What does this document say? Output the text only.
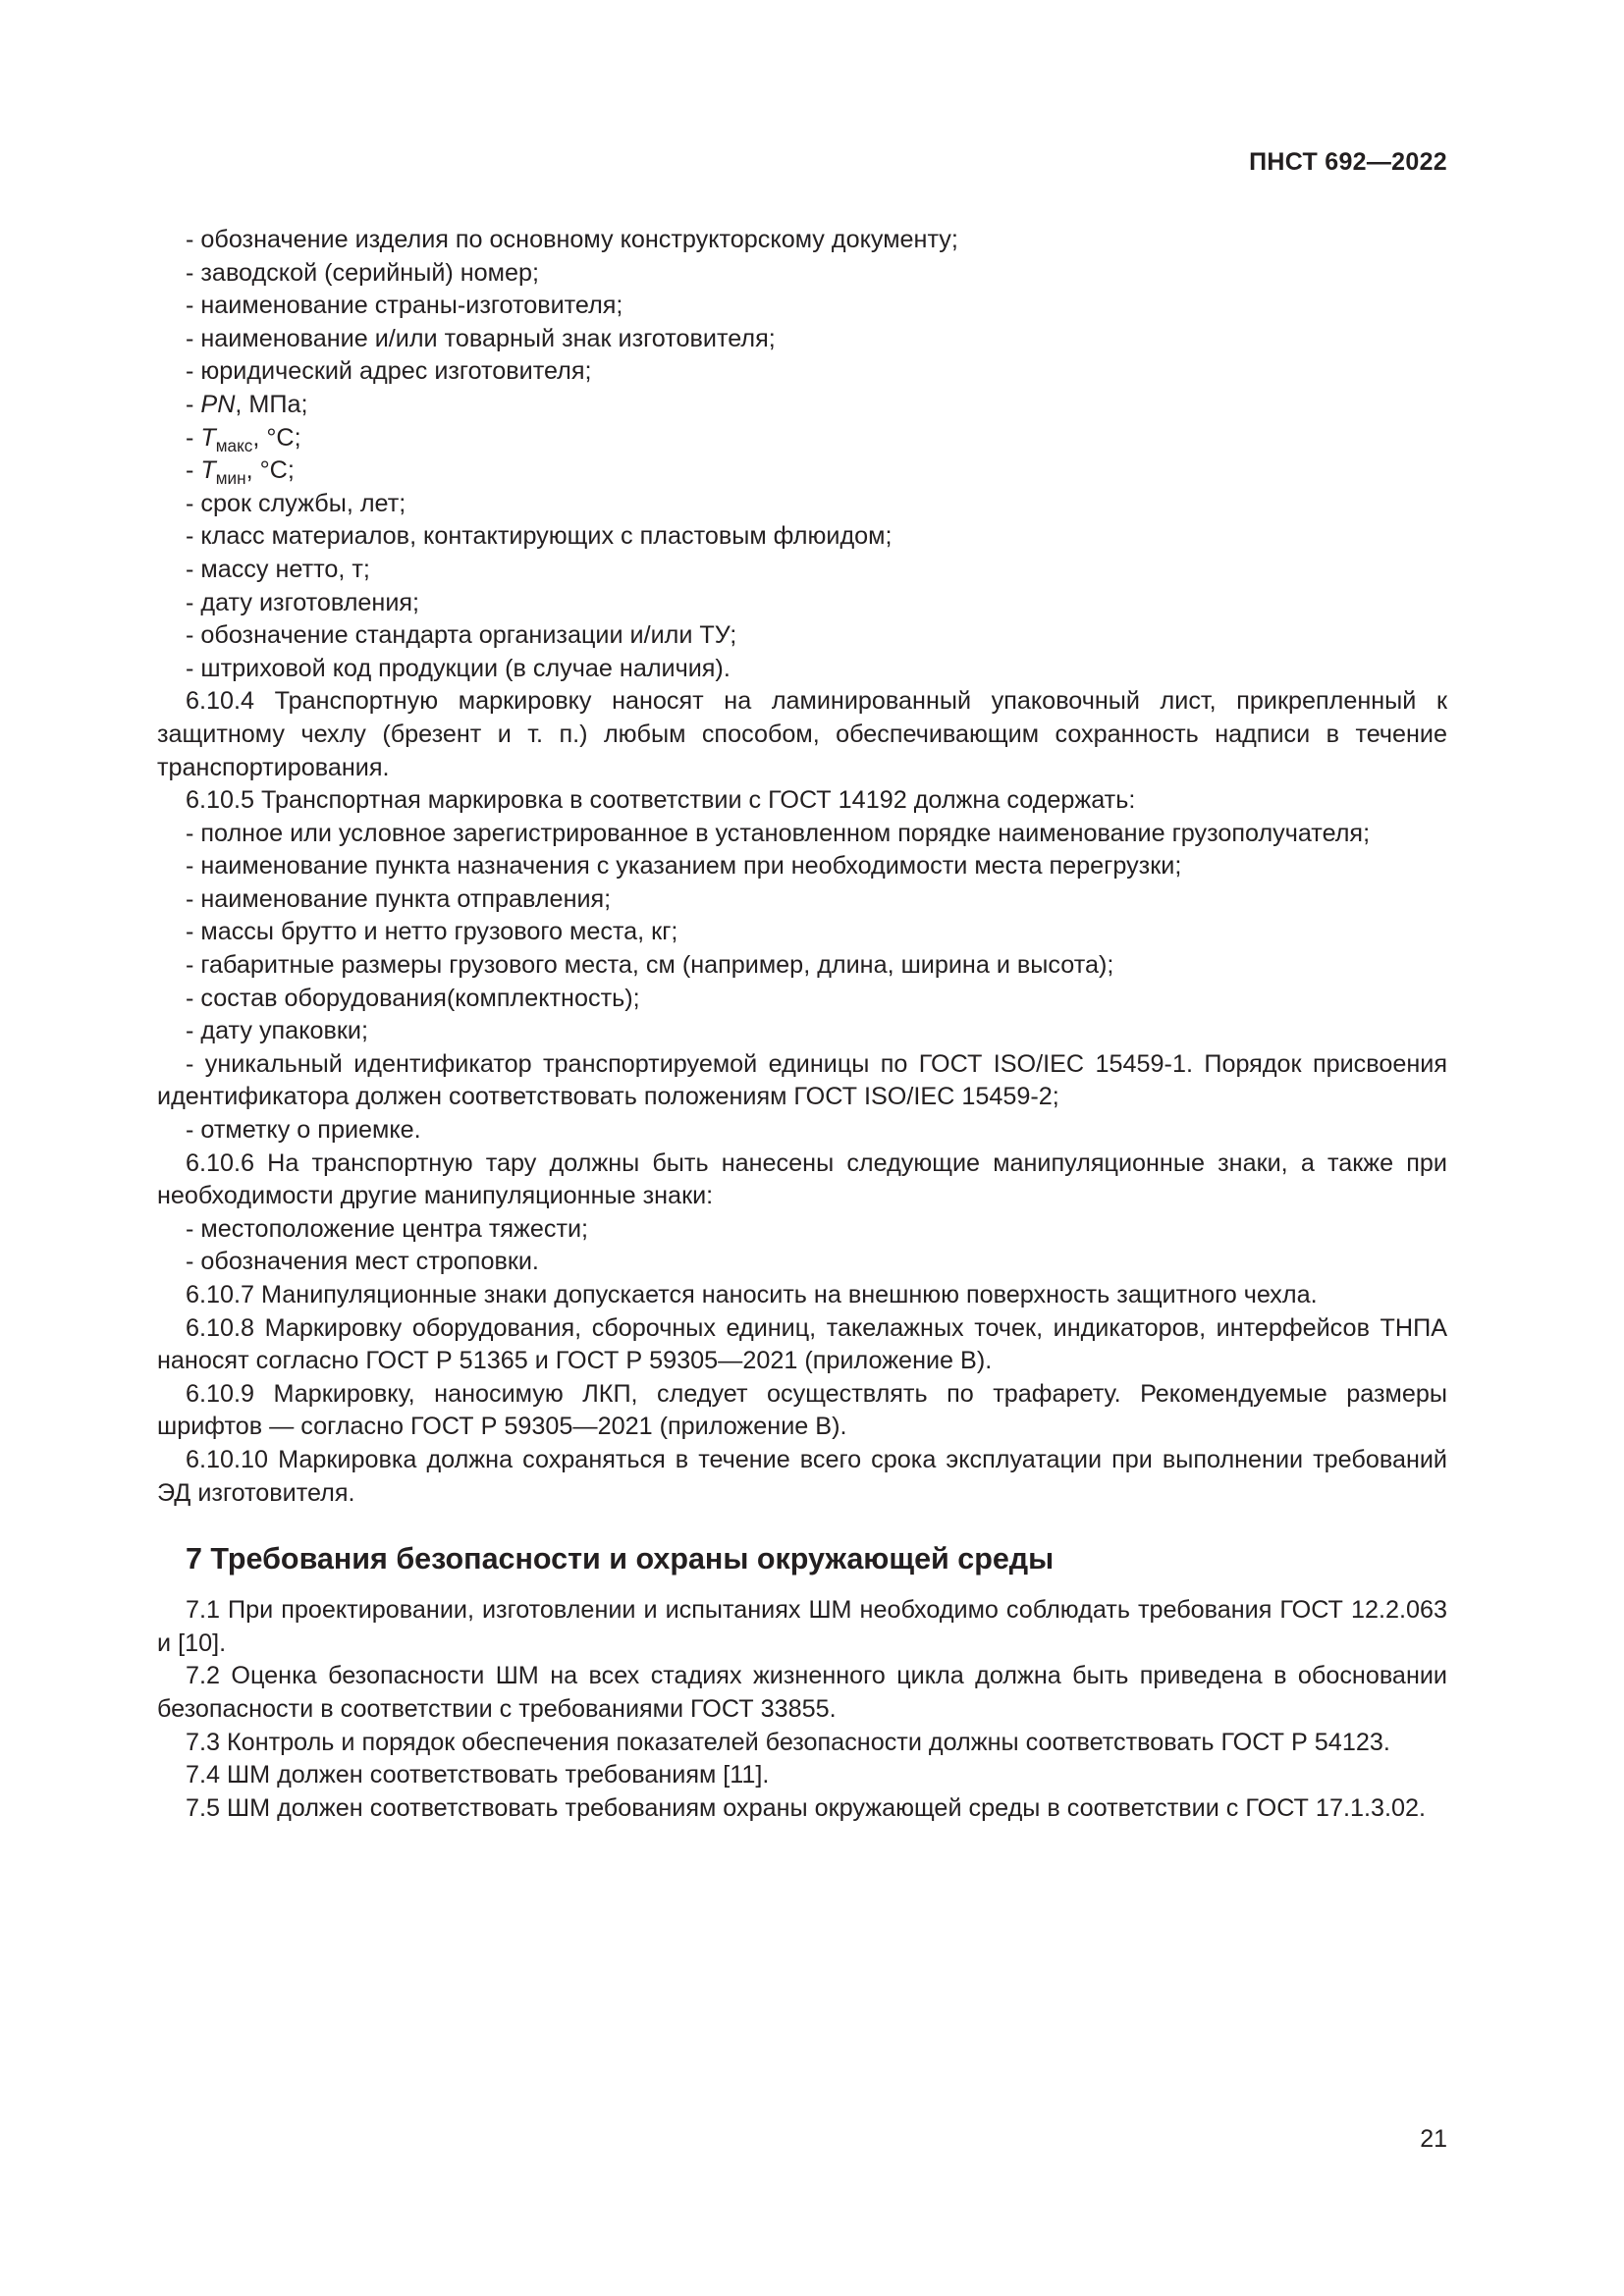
ПНСТ 692—2022
- обозначение изделия по основному конструкторскому документу;
- заводской (серийный) номер;
- наименование страны-изготовителя;
- наименование и/или товарный знак изготовителя;
- юридический адрес изготовителя;
- PN, МПа;
- $T_{макс}$, °С;
- $T_{мин}$, °С;
- срок службы, лет;
- класс материалов, контактирующих с пластовым флюидом;
- массу нетто, т;
- дату изготовления;
- обозначение стандарта организации и/или ТУ;
- штриховой код продукции (в случае наличия).
6.10.4 Транспортную маркировку наносят на ламинированный упаковочный лист, прикрепленный к защитному чехлу (брезент и т. п.) любым способом, обеспечивающим сохранность надписи в течение транспортирования.
6.10.5 Транспортная маркировка в соответствии с ГОСТ 14192 должна содержать:
- полное или условное зарегистрированное в установленном порядке наименование грузополучателя;
- наименование пункта назначения с указанием при необходимости места перегрузки;
- наименование пункта отправления;
- массы брутто и нетто грузового места, кг;
- габаритные размеры грузового места, см (например, длина, ширина и высота);
- состав оборудования(комплектность);
- дату упаковки;
- уникальный идентификатор транспортируемой единицы по ГОСТ ISO/IEC 15459-1. Порядок присвоения идентификатора должен соответствовать положениям ГОСТ ISO/IEC 15459-2;
- отметку о приемке.
6.10.6 На транспортную тару должны быть нанесены следующие манипуляционные знаки, а также при необходимости другие манипуляционные знаки:
- местоположение центра тяжести;
- обозначения мест строповки.
6.10.7 Манипуляционные знаки допускается наносить на внешнюю поверхность защитного чехла.
6.10.8 Маркировку оборудования, сборочных единиц, такелажных точек, индикаторов, интерфейсов ТНПА наносят согласно ГОСТ Р 51365 и ГОСТ Р 59305—2021 (приложение В).
6.10.9 Маркировку, наносимую ЛКП, следует осуществлять по трафарету. Рекомендуемые размеры шрифтов — согласно ГОСТ Р 59305—2021 (приложение В).
6.10.10 Маркировка должна сохраняться в течение всего срока эксплуатации при выполнении требований ЭД изготовителя.
7 Требования безопасности и охраны окружающей среды
7.1 При проектировании, изготовлении и испытаниях ШМ необходимо соблюдать требования ГОСТ 12.2.063 и [10].
7.2 Оценка безопасности ШМ на всех стадиях жизненного цикла должна быть приведена в обосновании безопасности в соответствии с требованиями ГОСТ 33855.
7.3 Контроль и порядок обеспечения показателей безопасности должны соответствовать ГОСТ Р 54123.
7.4 ШМ должен соответствовать требованиям [11].
7.5 ШМ должен соответствовать требованиям охраны окружающей среды в соответствии с ГОСТ 17.1.3.02.
21
